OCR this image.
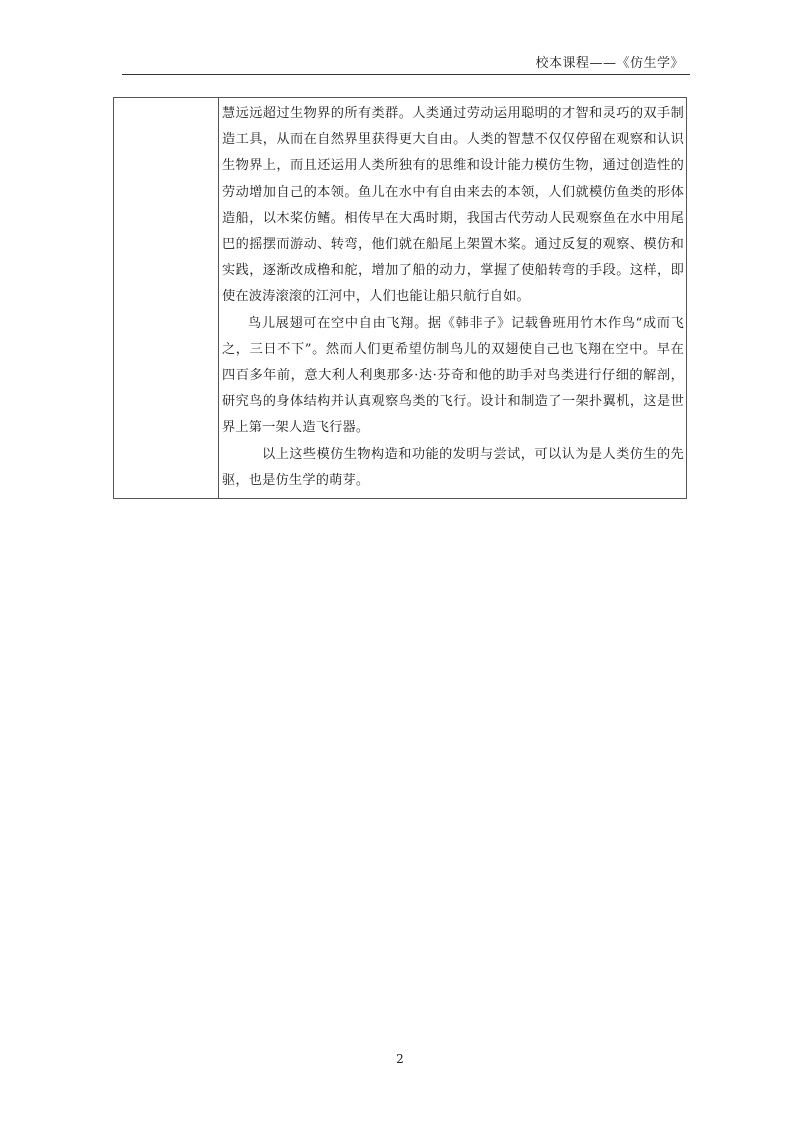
校本课程——《仿生学》

慧远远超过生物界的所有类群。人类通过劳动运用聪明的才智和灵巧的双手制造工具，从而在自然界里获得更大自由。人类的智慧不仅仅停留在观察和认识生物界上，而且还运用人类所独有的思维和设计能力模仿生物，通过创造性的劳动增加自己的本领。鱼儿在水中有自由来去的本领，人们就模仿鱼类的形体造船，以木桨仿鳍。相传早在大禹时期，我国古代劳动人民观察鱼在水中用尾巴的摇摆而游动、转弯，他们就在船尾上架置木桨。通过反复的观察、模仿和实践，逐渐改成橹和舵，增加了船的动力，掌握了使船转弯的手段。这样，即使在波涛滚滚的江河中，人们也能让船只航行自如。

鸟儿展翅可在空中自由飞翔。据《韩非子》记载鲁班用竹木作鸟“成而飞之，三日不下”。然而人们更希望仿制鸟儿的双翅使自己也飞翔在空中。早在四百多年前，意大利人利奥那多·达·芬奇和他的助手对鸟类进行仔细的解剖，研究鸟的身体结构并认真观察鸟类的飞行。设计和制造了一架扑翼机，这是世界上第一架人造飞行器。

以上这些模仿生物构造和功能的发明与尝试，可以认为是人类仿生的先驱，也是仿生学的萌芽。

2
